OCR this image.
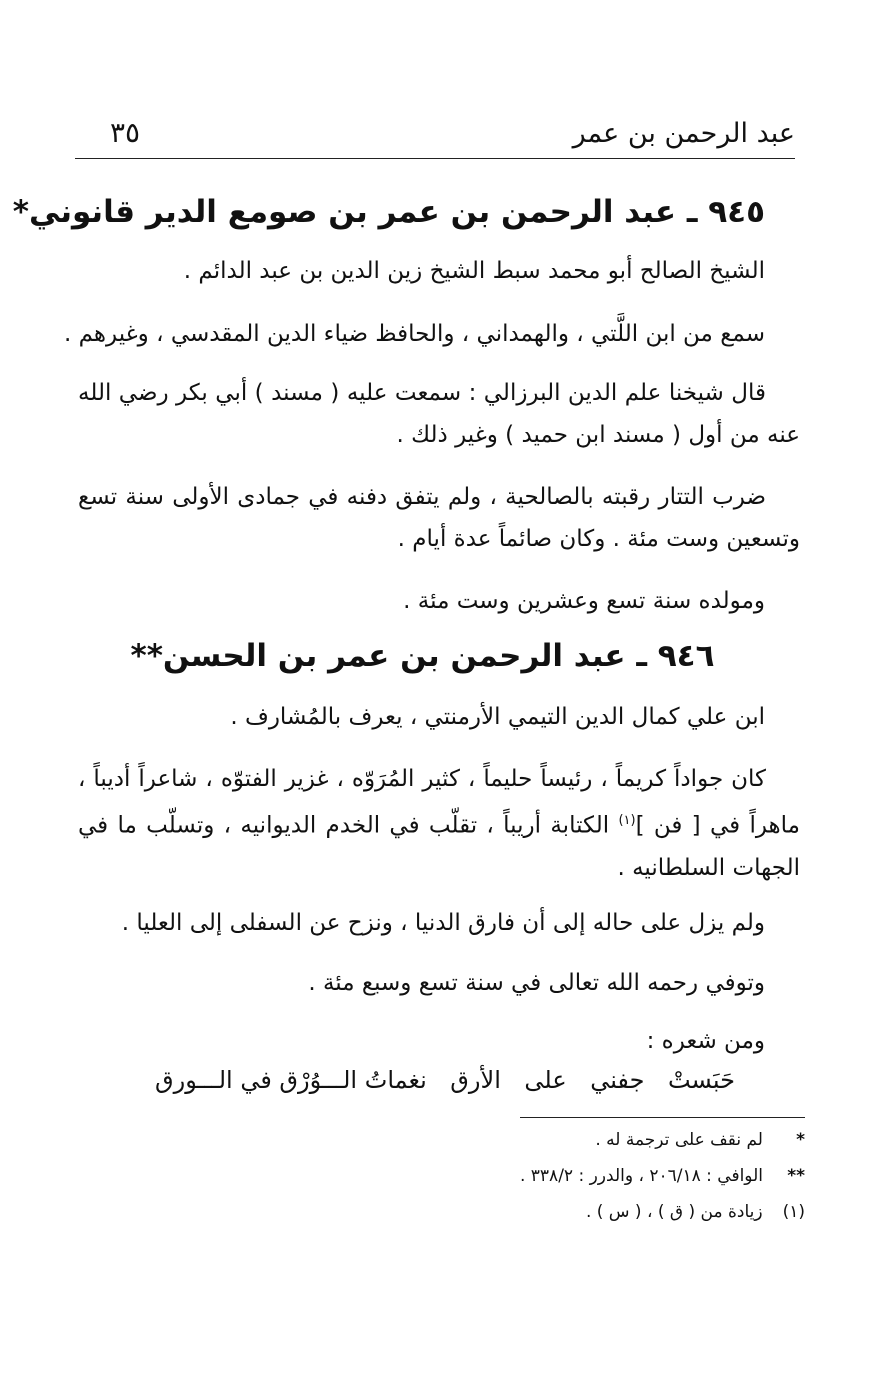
عبد الرحمن بن عمر
٣٥
٩٤٥ ـ عبد الرحمن بن عمر بن صومع الدير قانوني*
الشيخ الصالح أبو محمد سبط الشيخ زين الدين بن عبد الدائم .
سمع من ابن اللَّتي ، والهمداني ، والحافظ ضياء الدين المقدسي ، وغيرهم .
قال شيخنا علم الدين البرزالي : سمعت عليه ( مسند ) أبي بكر رضي الله عنه من أول ( مسند ابن حميد ) وغير ذلك .
ضرب التتار رقبته بالصالحية ، ولم يتفق دفنه في جمادى الأولى سنة تسع وتسعين وست مئة . وكان صائماً عدة أيام .
ومولده سنة تسع وعشرين وست مئة .
٩٤٦ ـ عبد الرحمن بن عمر بن الحسن**
ابن علي كمال الدين التيمي الأرمنتي ، يعرف بالمُشارف .
كان جواداً كريماً ، رئيساً حليماً ، كثير المُرَوّه ، غزير الفتوّه ، شاعراً أديباً ، ماهراً في [ فن ]$^{(١)}$ الكتابة أريباً ، تقلّب في الخدم الديوانيه ، وتسلّب ما في الجهات السلطانيه .
ولم يزل على حاله إلى أن فارق الدنيا ، ونزح عن السفلى إلى العليا .
وتوفي رحمه الله تعالى في سنة تسع وسبع مئة .
ومن شعره :
حَبَستْ
جفني
على
الأرق
نغماتُ الـــوُرْق في الـــورق
*
لم نقف على ترجمة له .
**
الوافي : ٢٠٦/١٨ ، والدرر : ٣٣٨/٢ .
(١)
زيادة من ( ق ) ، ( س ) .
